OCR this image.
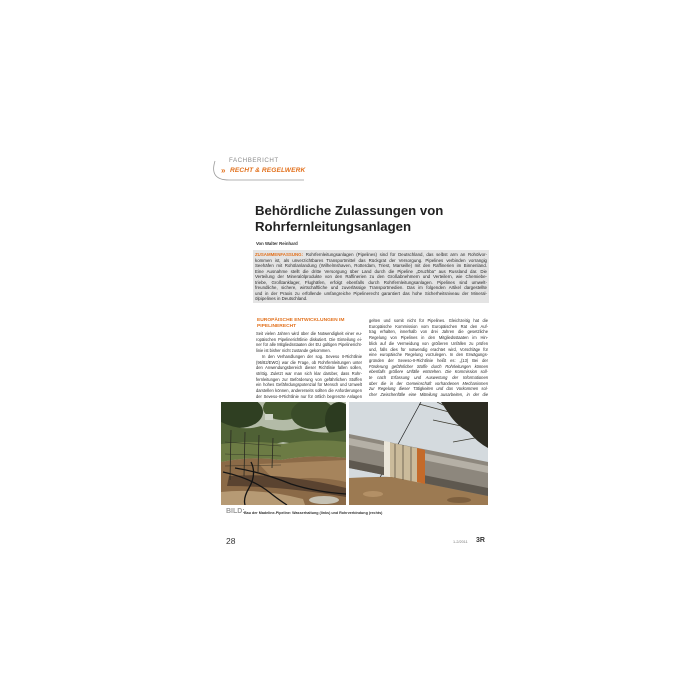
FACHBERICHT
» RECHT & REGELWERK
Behördliche Zulassungen von
Rohrfernleitungsanlagen
Von Walter Reinhard
ZUSAMMENFASSUNG: Rohrfernleitungsanlagen (Pipelines) sind für Deutschland, das selbst arm an Rohölvor-
kommen ist, als unverzichtbares Transportmittel das Rückgrat der Versorgung. Pipelines verbinden vorrangig
Seehäfen mit Rohölanlandung (Wilhelmshaven, Rotterdam, Triest, Marseille) mit den Raffinerien im Binnenland.
Eine Ausnahme stellt die dritte Versorgung über Land durch die Pipeline „Druzhba“ aus Russland dar. Die
Verteilung der Mineralölprodukte von den Raffinerien zu den Großabnehmern und Verteilern, wie Chemiebe-
triebe, Großtanklager, Flughäfen, erfolgt ebenfalls durch Rohrfernleitungsanlagen. Pipelines sind umwelt-
freundliche, sichere, wirtschaftliche und zuverlässige Transportmedien. Das im folgenden Artikel dargestellte
und in der Praxis zu erfüllende umfangreiche Pipelinerecht garantiert das hohe Sicherheitsniveau der Mineral-
ölpipelines in Deutschland.
EUROPÄISCHE ENTWICKLUNGEN IM
PIPELINERECHT
Seit vielen Jahren wird über die Notwendigkeit einer eu-
ropäischen Pipelinerichtlinie diskutiert. Die Einteilung ei-
ner für alle Mitgliedsstaaten der EU gültigen Pipelinericht-
linie ist bisher nicht zustande gekommen.
In den Verhandlungen der sog. Seveso II-Richtlinie
(96/82/EWG) war die Frage, ob Rohrfernleitungen unter
den Anwendungsbereich dieser Richtlinie fallen sollen,
strittig. Zuletzt war man sich klar darüber, dass Rohr-
fernleitungen zur Beförderung von gefährlichen Stoffen
ein hohes Gefährdungspotenzial für Mensch und Umwelt
darstellen können, andererseits sollten die Anforderungen
der Seveso-II-Richtlinie nur für örtlich begrenzte Anlagen
gelten und somit nicht für Pipelines. Gleichzeitig hat die
Europäische Kommission vom Europäischen Rat den Auf-
trag erhalten, innerhalb von drei Jahren die gesetzliche
Regelung von Pipelines in den Mitgliedsstaaten im Hin-
blick auf die Vermeidung von größeren Unfällen zu prüfen
und, falls dies für notwendig erachtet wird, Vorschläge für
eine europäische Regelung vorzulegen. In den Erwägungs-
gründen der Seveso-II-Richtlinie heißt es: „(13) Bei der
Förderung gefährlicher Stoffe durch Rohrleitungen können
ebenfalls größere Unfälle entstehen. Die Kommission soll-
te nach Erfassung und Auswertung der Informationen
über die in der Gemeinschaft vorhandenen Mechanismen
zur Regelung dieser Tätigkeiten und das Vorkommen sol-
cher Zwischenfälle eine Mitteilung ausarbeiten, in der die
BILD: Bau der Madeline-Pipeline: Wasserhaltung (links) und Rohrverbindung (rechts)
28	1-2/2011 3R
